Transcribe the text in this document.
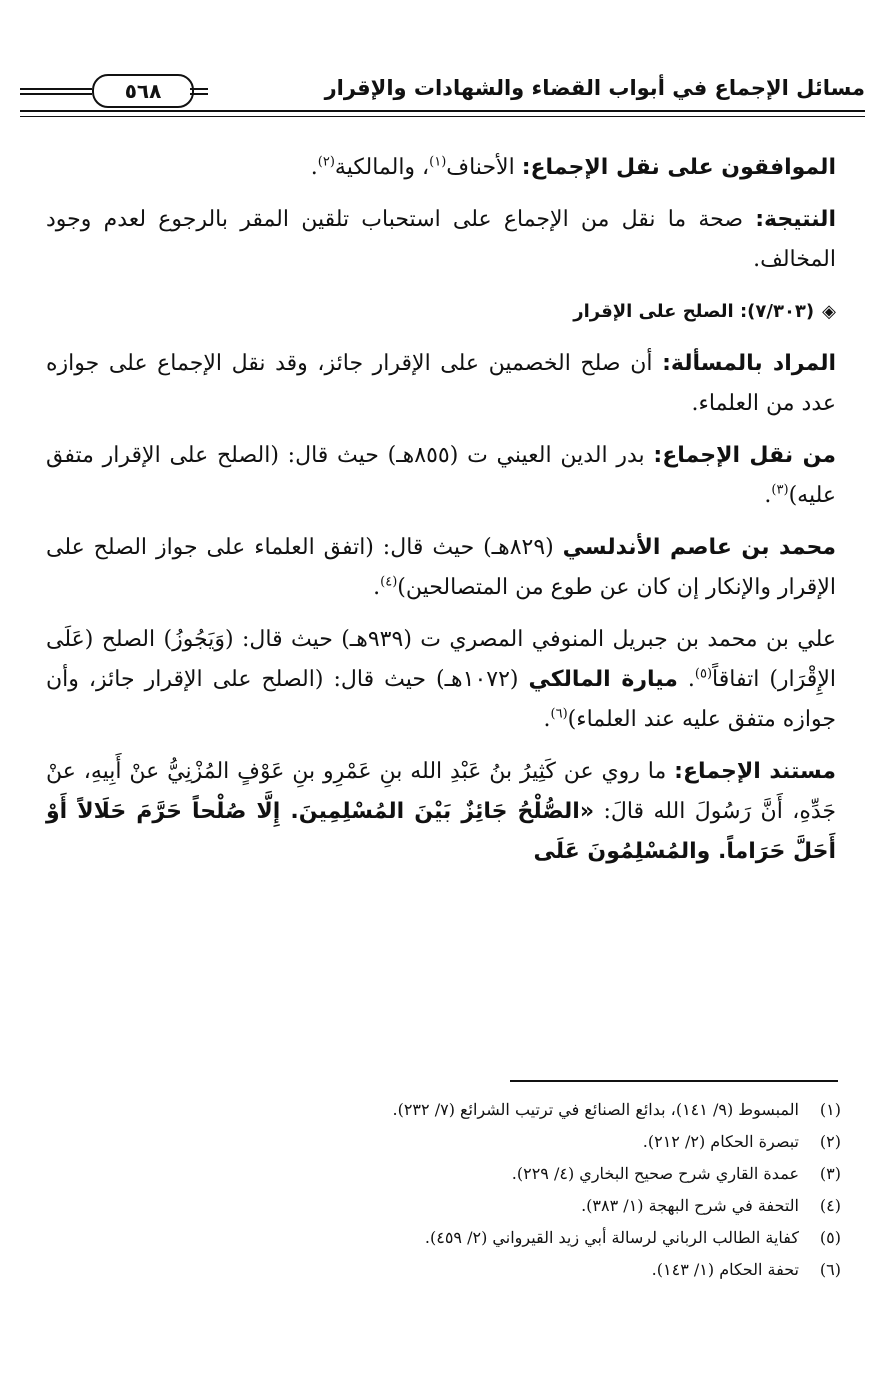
مسائل الإجماع في أبواب القضاء والشهادات والإقرار
٥٦٨

الموافقون على نقل الإجماع: الأحناف$^{(١)}$، والمالكية$^{(٢)}$.

النتيجة: صحة ما نقل من الإجماع على استحباب تلقين المقر بالرجوع لعدم وجود المخالف.

◈(٧/٣٠٣): الصلح على الإقرار

المراد بالمسألة: أن صلح الخصمين على الإقرار جائز، وقد نقل الإجماع على جوازه عدد من العلماء.

من نقل الإجماع: بدر الدين العيني ت (٨٥٥هـ) حيث قال: (الصلح على الإقرار متفق عليه)$^{(٣)}$.

محمد بن عاصم الأندلسي (٨٢٩هـ) حيث قال: (اتفق العلماء على جواز الصلح على الإقرار والإنكار إن كان عن طوع من المتصالحين)$^{(٤)}$.

علي بن محمد بن جبريل المنوفي المصري ت (٩٣٩هـ) حيث قال: (وَيَجُوزُ) الصلح (عَلَى الإِقْرَار) اتفاقاً$^{(٥)}$. ميارة المالكي (١٠٧٢هـ) حيث قال: (الصلح على الإقرار جائز، وأن جوازه متفق عليه عند العلماء)$^{(٦)}$.

مستند الإجماع: ما روي عن كَثِيرُ بنُ عَبْدِ الله بنِ عَمْرِو بنِ عَوْفٍ المُزْنِيُّ عنْ أَبِيهِ، عنْ جَدِّهِ، أَنَّ رَسُولَ الله قالَ: «الصُّلْحُ جَائِزٌ بَيْنَ المُسْلِمِينَ. إِلَّا صُلْحاً حَرَّمَ حَلَالاً أَوْ أَحَلَّ حَرَاماً. والمُسْلِمُونَ عَلَى

(١)المبسوط (٩/ ١٤١)، بدائع الصنائع في ترتيب الشرائع (٧/ ٢٣٢).

(٢)تبصرة الحكام (٢/ ٢١٢).

(٣)عمدة القاري شرح صحيح البخاري (٤/ ٢٢٩).

(٤)التحفة في شرح البهجة (١/ ٣٨٣).

(٥)كفاية الطالب الرباني لرسالة أبي زيد القيرواني (٢/ ٤٥٩).

(٦)تحفة الحكام (١/ ١٤٣).
